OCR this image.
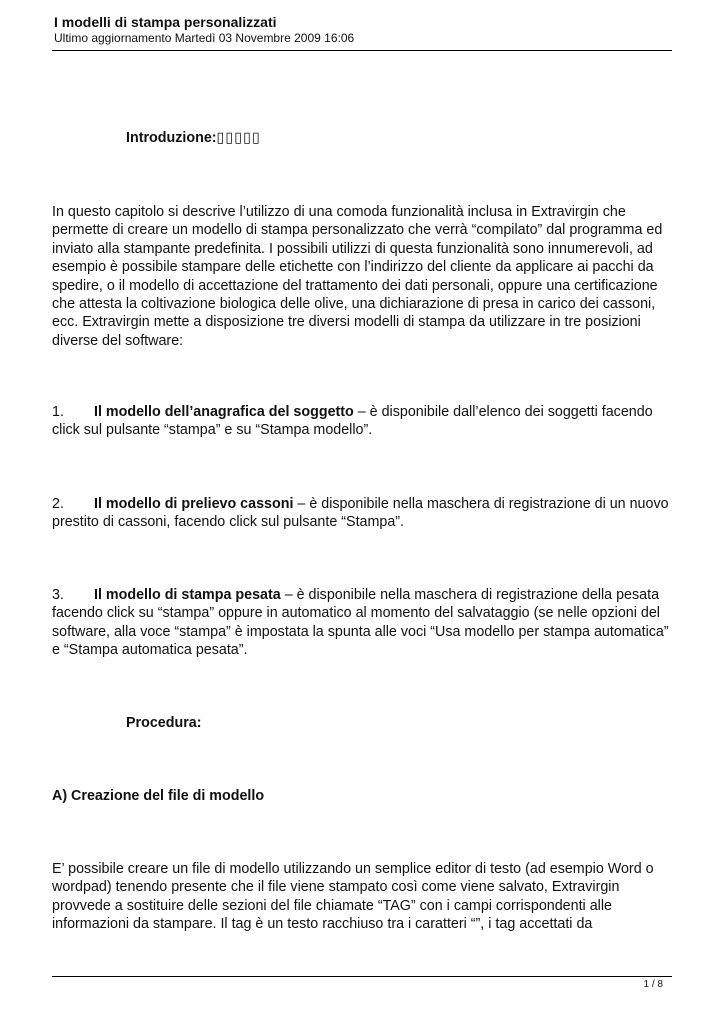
I modelli di stampa personalizzati
Ultimo aggiornamento Martedì 03 Novembre 2009 16:06
Introduzione:▯▯▯▯▯
In questo capitolo si descrive l’utilizzo di una comoda funzionalità inclusa in Extravirgin che permette di creare un modello di stampa personalizzato che verrà “compilato” dal programma ed inviato alla stampante predefinita. I possibili utilizzi di questa funzionalità sono innumerevoli, ad esempio è possibile stampare delle etichette con l’indirizzo del cliente da applicare ai pacchi da spedire, o il modello di accettazione del trattamento dei dati personali, oppure una certificazione che attesta la coltivazione biologica delle olive, una dichiarazione di presa in carico dei cassoni, ecc. Extravirgin mette a disposizione tre diversi modelli di stampa da utilizzare in tre posizioni diverse del software:
1. Il modello dell’anagrafica del soggetto – è disponibile dall’elenco dei soggetti facendo click sul pulsante “stampa” e su “Stampa modello”.
2. Il modello di prelievo cassoni – è disponibile nella maschera di registrazione di un nuovo prestito di cassoni, facendo click sul pulsante “Stampa”.
3. Il modello di stampa pesata – è disponibile nella maschera di registrazione della pesata facendo click su “stampa” oppure in automatico al momento del salvataggio (se nelle opzioni del software, alla voce “stampa” è impostata la spunta alle voci “Usa modello per stampa automatica” e “Stampa automatica pesata”.
Procedura:
A) Creazione del file di modello
E’ possibile creare un file di modello utilizzando un semplice editor di testo (ad esempio Word o wordpad) tenendo presente che il file viene stampato così come viene salvato, Extravirgin provvede a sostituire delle sezioni del file chiamate “TAG” con i campi corrispondenti alle informazioni da stampare. Il tag è un testo racchiuso tra i caratteri “”, i tag accettati da
1 / 8
